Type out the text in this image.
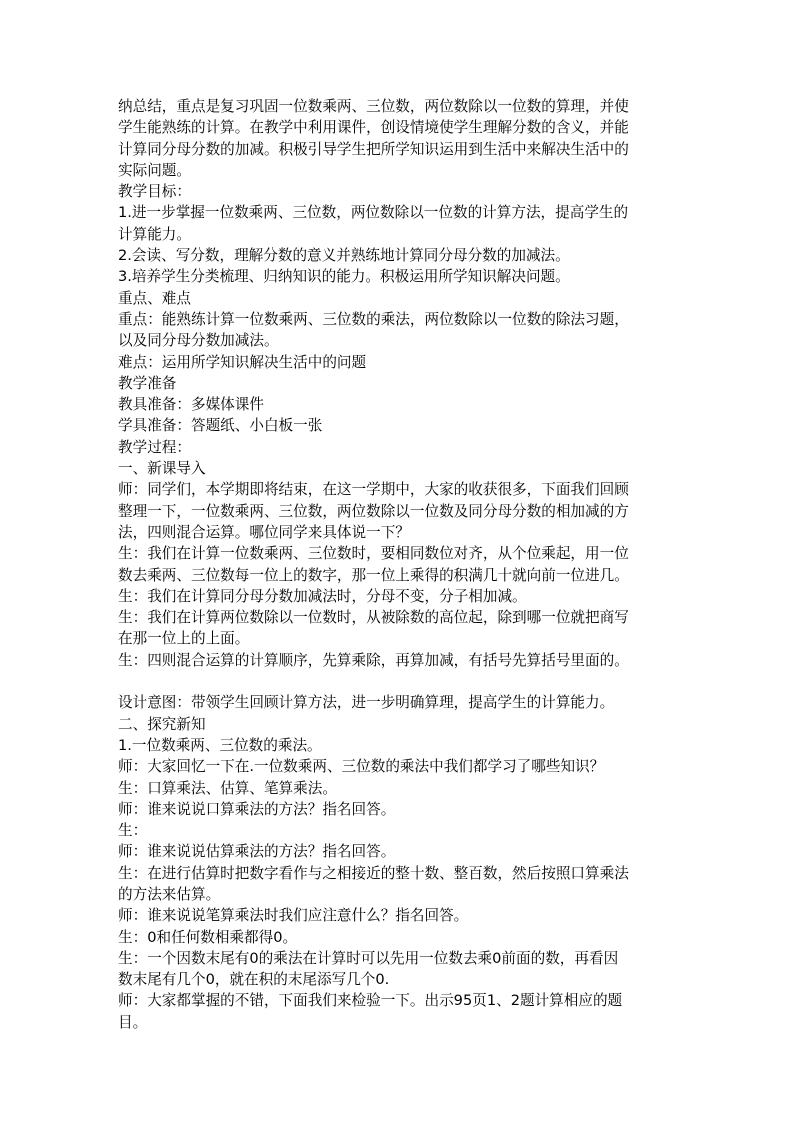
纳总结，重点是复习巩固一位数乘两、三位数，两位数除以一位数的算理，并使
学生能熟练的计算。在教学中利用课件，创设情境使学生理解分数的含义，并能
计算同分母分数的加减。积极引导学生把所学知识运用到生活中来解决生活中的
实际问题。
教学目标：
1.进一步掌握一位数乘两、三位数，两位数除以一位数的计算方法，提高学生的
计算能力。
2.会读、写分数，理解分数的意义并熟练地计算同分母分数的加减法。
3.培养学生分类梳理、归纳知识的能力。积极运用所学知识解决问题。
重点、难点
重点：能熟练计算一位数乘两、三位数的乘法，两位数除以一位数的除法习题，
以及同分母分数加减法。
难点：运用所学知识解决生活中的问题
教学准备
教具准备：多媒体课件
学具准备：答题纸、小白板一张
教学过程：
一、新课导入
师：同学们，本学期即将结束，在这一学期中，大家的收获很多，下面我们回顾
整理一下，一位数乘两、三位数，两位数除以一位数及同分母分数的相加减的方
法，四则混合运算。哪位同学来具体说一下？
生：我们在计算一位数乘两、三位数时，要相同数位对齐，从个位乘起，用一位
数去乘两、三位数每一位上的数字，那一位上乘得的积满几十就向前一位进几。
生：我们在计算同分母分数加减法时，分母不变，分子相加减。
生：我们在计算两位数除以一位数时，从被除数的高位起，除到哪一位就把商写
在那一位上的上面。
生：四则混合运算的计算顺序，先算乘除，再算加减，有括号先算括号里面的。
设计意图：带领学生回顾计算方法，进一步明确算理，提高学生的计算能力。
二、探究新知
1.一位数乘两、三位数的乘法。
师：大家回忆一下在.一位数乘两、三位数的乘法中我们都学习了哪些知识？
生：口算乘法、估算、笔算乘法。
师：谁来说说口算乘法的方法？指名回答。
生：
师：谁来说说估算乘法的方法？指名回答。
生：在进行估算时把数字看作与之相接近的整十数、整百数，然后按照口算乘法
的方法来估算。
师：谁来说说笔算乘法时我们应注意什么？指名回答。
生：0和任何数相乘都得0。
生：一个因数末尾有0的乘法在计算时可以先用一位数去乘0前面的数，再看因
数末尾有几个0，就在积的末尾添写几个0.
师：大家都掌握的不错，下面我们来检验一下。出示95页1、2题计算相应的题
目。
